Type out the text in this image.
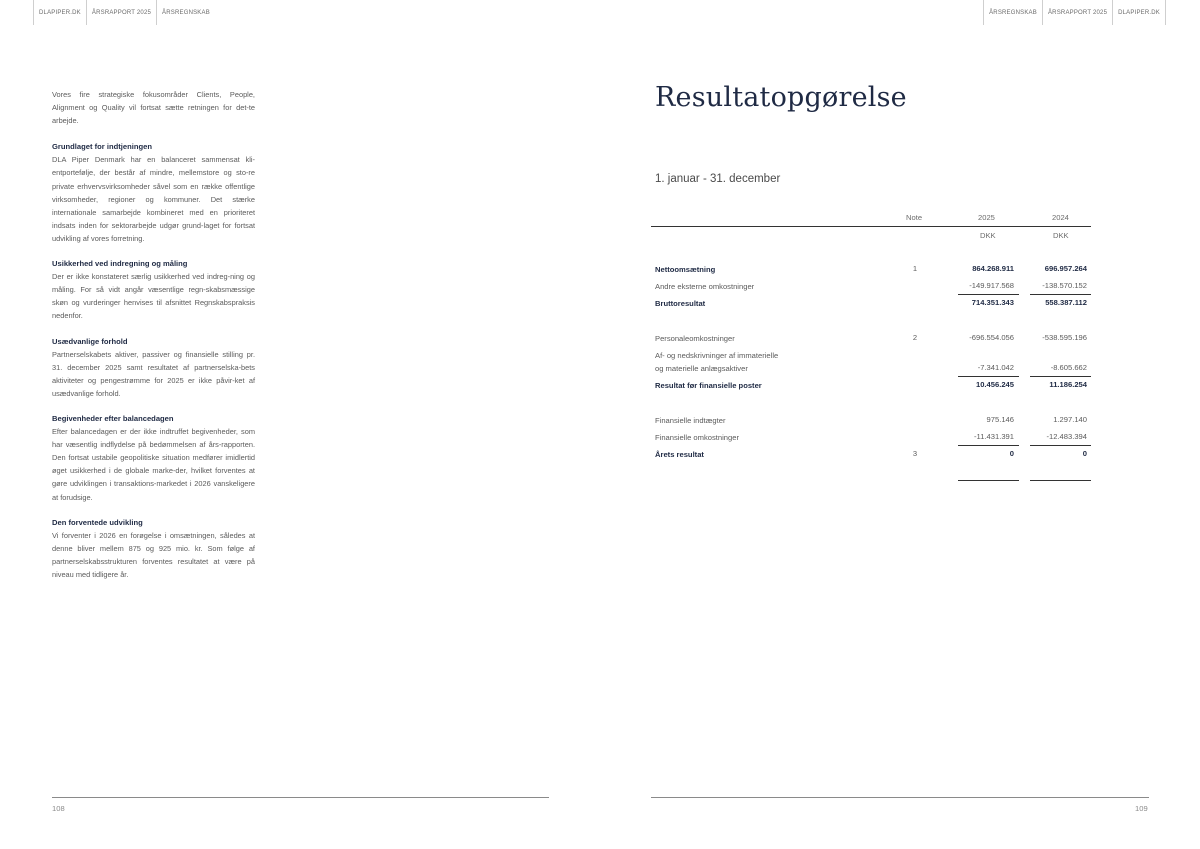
DLAPIPER.DK	ÅRSRAPPORT 2025	ÅRSREGNSKAB	ÅRSREGNSKAB	ÅRSRAPPORT 2025	DLAPIPER.DK

Vores fire strategiske fokusområder Clients, People, Alignment og Quality vil fortsat sætte retningen for det-te arbejde.

Grundlaget for indtjeningen

DLA Piper Denmark har en balanceret sammensat kli-entportefølje, der består af mindre, mellemstore og sto-re private erhvervsvirksomheder såvel som en række offentlige virksomheder, regioner og kommuner. Det stærke internationale samarbejde kombineret med en prioriteret indsats inden for sektorarbejde udgør grund-laget for fortsat udvikling af vores forretning.

Usikkerhed ved indregning og måling

Der er ikke konstateret særlig usikkerhed ved indreg-ning og måling. For så vidt angår væsentlige regn-skabsmæssige skøn og vurderinger henvises til afsnittet Regnskabspraksis nedenfor.

Usædvanlige forhold

Partnerselskabets aktiver, passiver og finansielle stilling pr. 31. december 2025 samt resultatet af partnerselska-bets aktiviteter og pengestrømme for 2025 er ikke påvir-ket af usædvanlige forhold.

Begivenheder efter balancedagen

Efter balancedagen er der ikke indtruffet begivenheder, som har væsentlig indflydelse på bedømmelsen af års-rapporten. Den fortsat ustabile geopolitiske situation medfører imidlertid øget usikkerhed i de globale marke-der, hvilket forventes at gøre udviklingen i transaktions-markedet i 2026 vanskeligere at forudsige.

Den forventede udvikling

Vi forventer i 2026 en forøgelse i omsætningen, således at denne bliver mellem 875 og 925 mio. kr. Som følge af partnerselskabsstrukturen forventes resultatet at være på niveau med tidligere år.

Resultatopgørelse
1. januar - 31. december
Note	2025	2024
DKK	DKK
Nettoomsætning	1	864.268.911	696.957.264
Andre eksterne omkostninger	-149.917.568	-138.570.152
Bruttoresultat	714.351.343	558.387.112
Personaleomkostninger	2	-696.554.056	-538.595.196
Af- og nedskrivninger af immaterielle
og materielle anlægsaktiver	-7.341.042	-8.605.662
Resultat før finansielle poster	10.456.245	11.186.254
Finansielle indtægter	975.146	1.297.140
Finansielle omkostninger	-11.431.391	-12.483.394
Årets resultat	3	0	0
108	109
